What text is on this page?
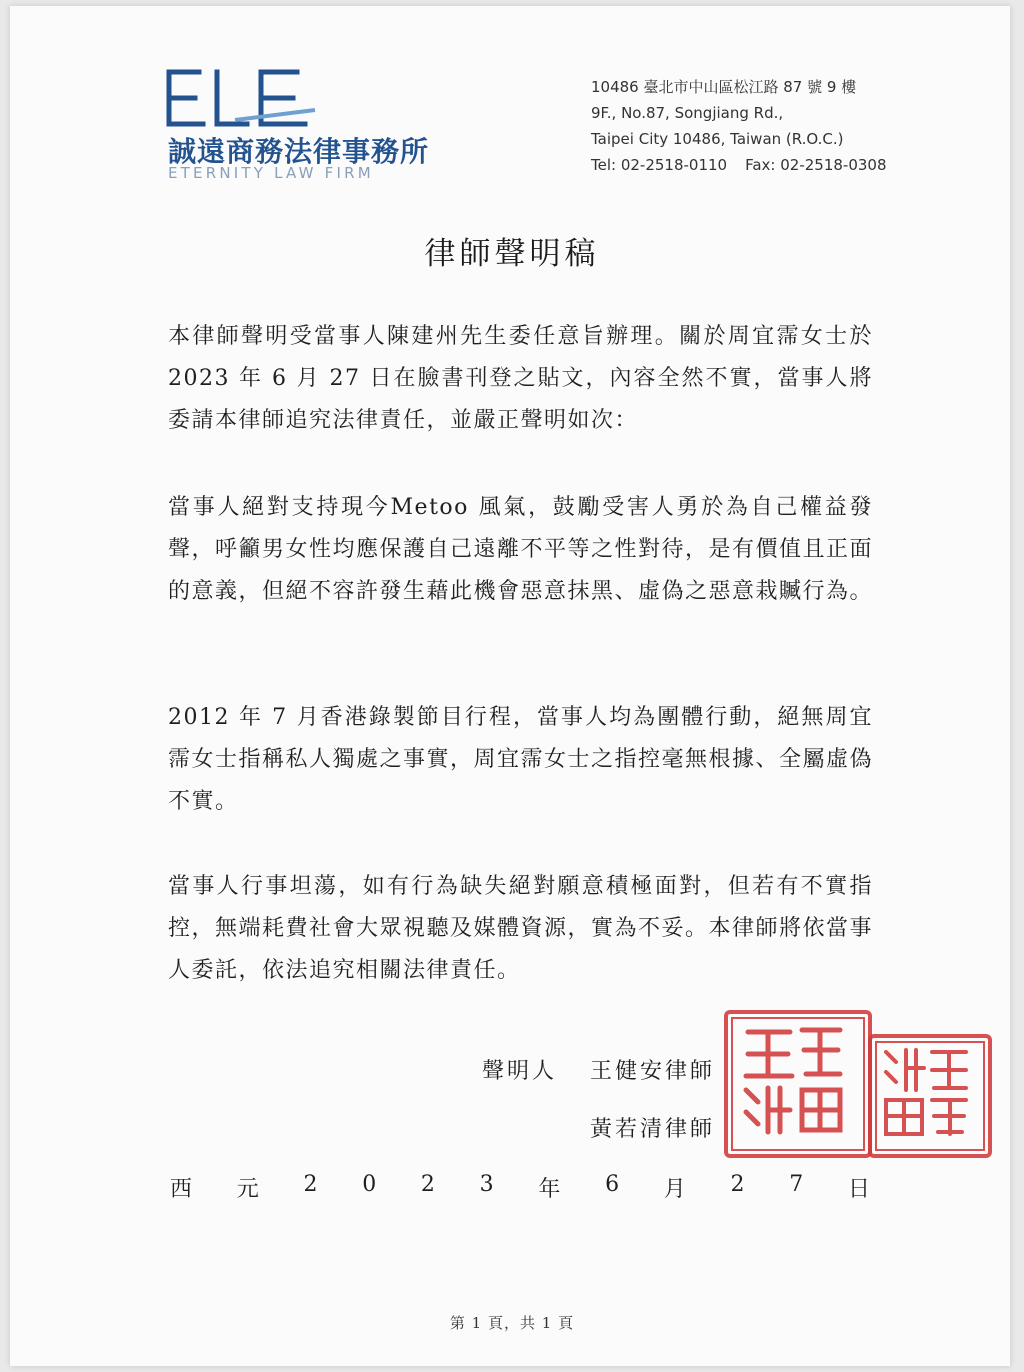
誠遠商務法律事務所
ETERNITY LAW FIRM
10486 臺北市中山區松江路 87 號 9 樓
9F., No.87, Songjiang Rd.,
Taipei City 10486, Taiwan (R.O.C.)
Tel: 02-2518-0110 Fax: 02-2518-0308
律師聲明稿
本律師聲明受當事人陳建州先生委任意旨辦理。關於周宜霈女士於 2023 年 6 月 27 日在臉書刊登之貼文，內容全然不實，當事人將委請本律師追究法律責任，並嚴正聲明如次：
當事人絕對支持現今Metoo 風氣，鼓勵受害人勇於為自己權益發聲，呼籲男女性均應保護自己遠離不平等之性對待，是有價值且正面的意義，但絕不容許發生藉此機會惡意抹黑、虛偽之惡意栽贓行為。
2012 年 7 月香港錄製節目行程，當事人均為團體行動，絕無周宜霈女士指稱私人獨處之事實，周宜霈女士之指控毫無根據、全屬虛偽不實。
當事人行事坦蕩，如有行為缺失絕對願意積極面對，但若有不實指控，無端耗費社會大眾視聽及媒體資源，實為不妥。本律師將依當事人委託，依法追究相關法律責任。
聲明人 王健安律師
黃若清律師
西 元 2 0 2 3 年 6 月 2 7 日
第 1 頁，共 1 頁
